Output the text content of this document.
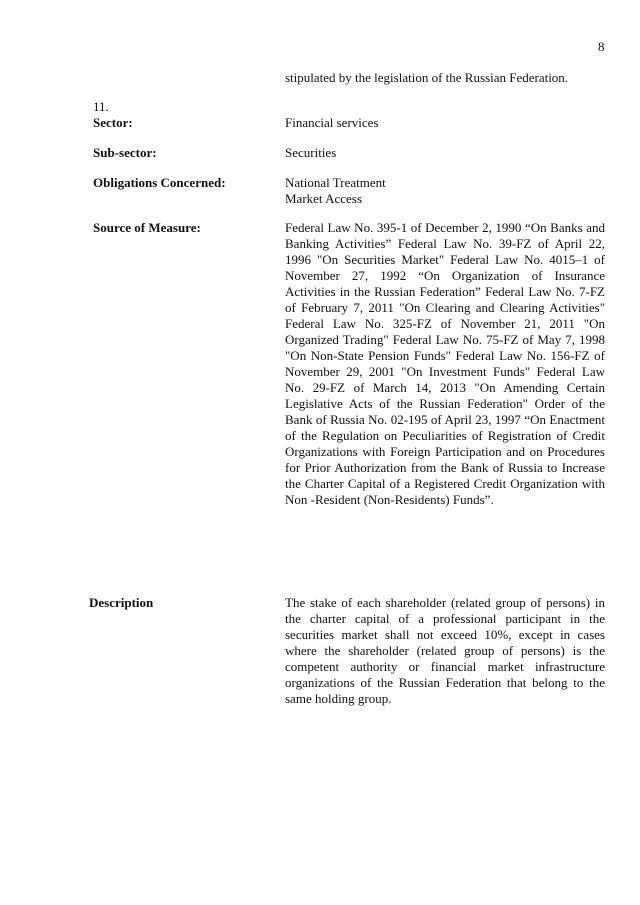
8
stipulated by the legislation of the Russian Federation.
11.
Sector:	Financial services
Sub-sector:	Securities
Obligations Concerned:	National Treatment
Market Access
Source of Measure:	Federal Law No. 395-1 of December 2, 1990 “On Banks and Banking Activities” Federal Law No. 39-FZ of April 22, 1996 "On Securities Market" Federal Law No. 4015–1 of November 27, 1992 “On Organization of Insurance Activities in the Russian Federation” Federal Law No. 7-FZ of February 7, 2011 "On Clearing and Clearing Activities" Federal Law No. 325-FZ of November 21, 2011 "On Organized Trading" Federal Law No. 75-FZ of May 7, 1998 "On Non-State Pension Funds" Federal Law No. 156-FZ of November 29, 2001 "On Investment Funds" Federal Law No. 29-FZ of March 14, 2013 "On Amending Certain Legislative Acts of the Russian Federation" Order of the Bank of Russia No. 02-195 of April 23, 1997 “On Enactment of the Regulation on Peculiarities of Registration of Credit Organizations with Foreign Participation and on Procedures for Prior Authorization from the Bank of Russia to Increase the Charter Capital of a Registered Credit Organization with Non -Resident (Non-Residents) Funds”.
Description	The stake of each shareholder (related group of persons) in the charter capital of a professional participant in the securities market shall not exceed 10%, except in cases where the shareholder (related group of persons) is the competent authority or financial market infrastructure organizations of the Russian Federation that belong to the same holding group.
